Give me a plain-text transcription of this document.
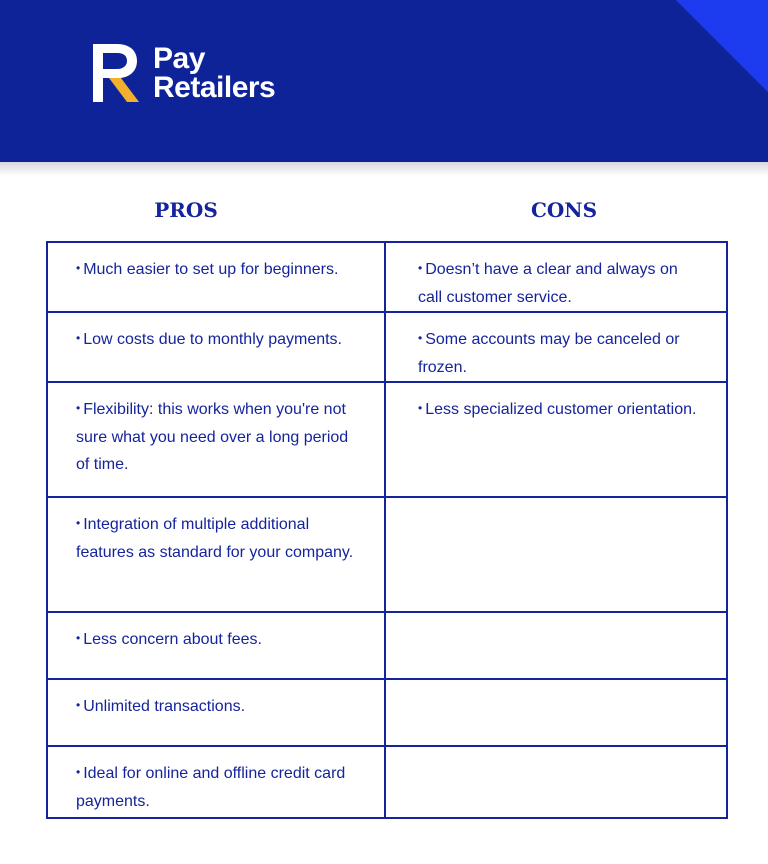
Pay
Retailers
PROS	CONS
• Much easier to set up for beginners.	• Doesn’t have a clear and always on call customer service.
• Low costs due to monthly payments.	• Some accounts may be canceled or frozen.
• Flexibility: this works when you're not sure what you need over a long period of time.	• Less specialized customer orientation.
• Integration of multiple additional features as standard for your company.	
• Less concern about fees.	
• Unlimited transactions.	
• Ideal for online and offline credit card payments.	
